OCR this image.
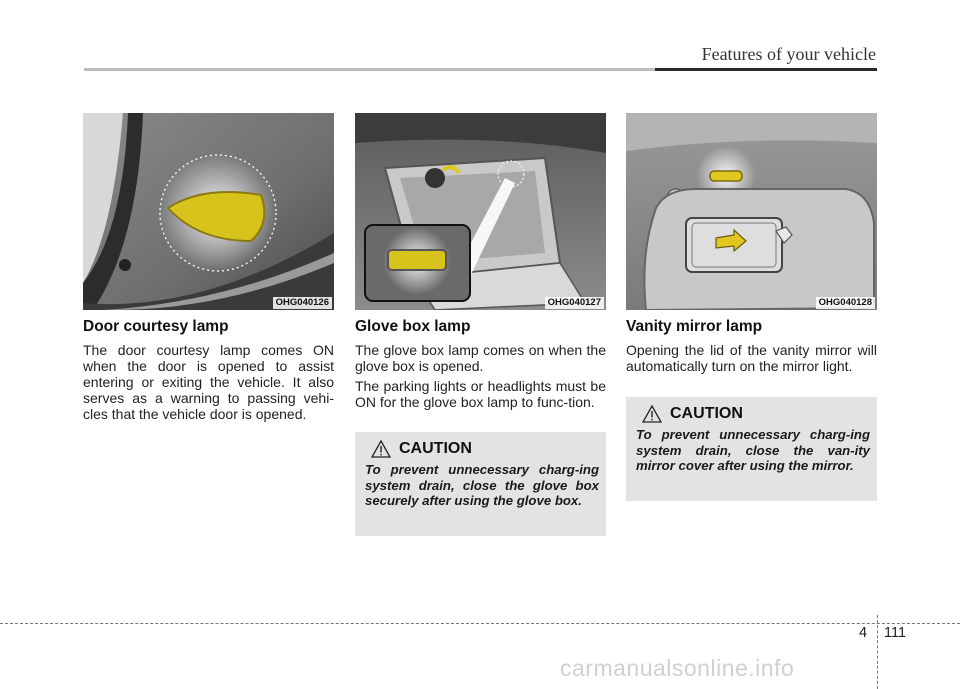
Features of your vehicle
OHG040126
Door courtesy lamp

The door courtesy lamp comes ON when the door is opened to assist entering or exiting the vehicle. It also serves as a warning to passing vehi-cles that the vehicle door is opened.

OHG040127
Glove box lamp

The glove box lamp comes on when the glove box is opened.

The parking lights or headlights must be ON for the glove box lamp to func-tion.

OHG040128
Vanity mirror lamp

Opening the lid of the vanity mirror will automatically turn on the mirror light.

CAUTION
To prevent unnecessary charg-ing system drain, close the glove box securely after using the glove box.
CAUTION
To prevent unnecessary charg-ing system drain, close the van-ity mirror cover after using the mirror.
4 111
carmanualsonline.info
